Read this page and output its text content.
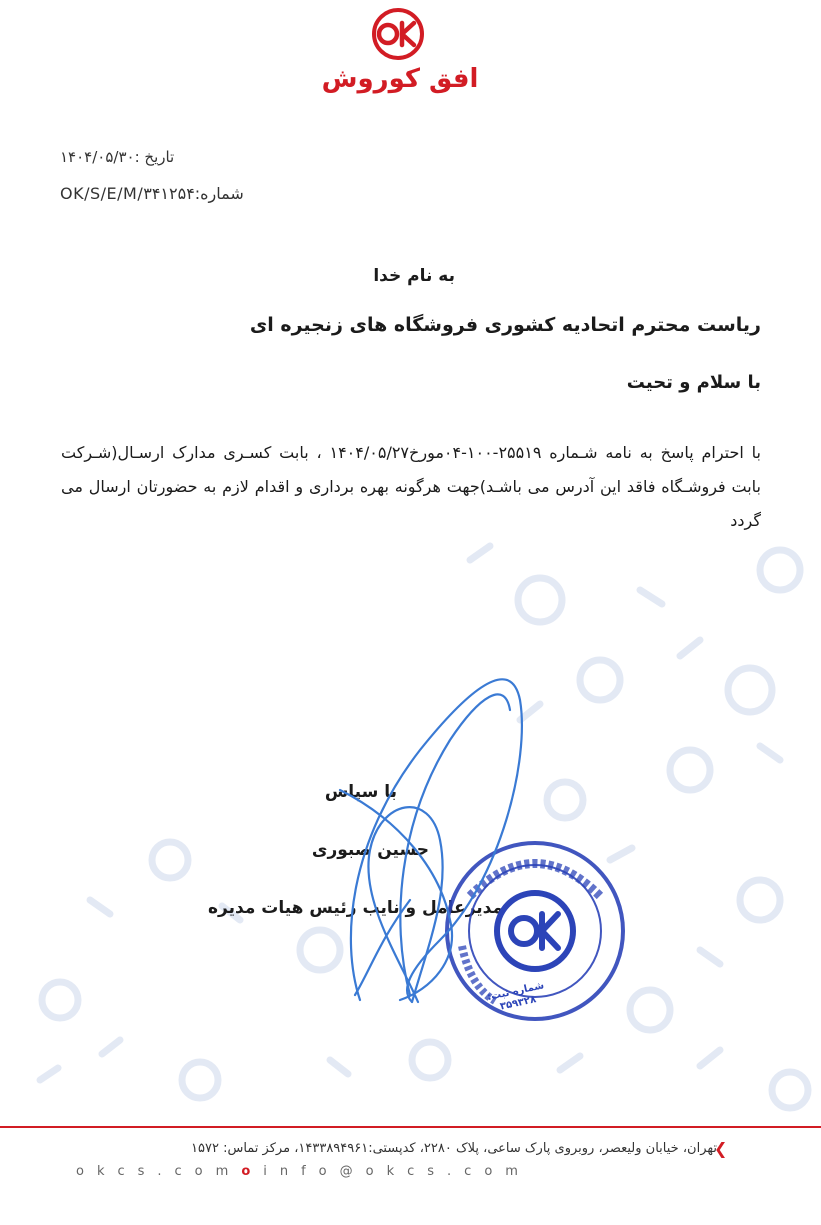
افق کوروش
تاریخ :۱۴۰۴/۰۵/۳۰
شماره:OK/S/E/M/۳۴۱۲۵۴
به نام خدا
ریاست محترم اتحادیه کشوری فروشگاه های زنجیره ای
با سلام و تحیت
با احترام پاسخ به نامه شـماره ۲۵۵۱۹-۱۰۰-۰۴مورخ۱۴۰۴/۰۵/۲۷ ، بابت کسـری مدارک ارسـال(شـرکت بابت فروشـگاه فاقد این آدرس می باشـد)جهت هرگونه بهره برداری و اقدام لازم به حضورتان ارسال می گردد
با سپاس
حسین صبوری
مدیرعامل و نایب رئیس هیات مدیره
شماره ثبت: ۳۵۹۳۲۸
❮
تهران، خیابان ولیعصر، روبروی پارک ساعی، پلاک ۲۲۸۰، کدپستی:۱۴۳۳۸۹۴۹۶۱، مرکز تماس: ۱۵۷۲
okcs.comoinfo@okcs.com
